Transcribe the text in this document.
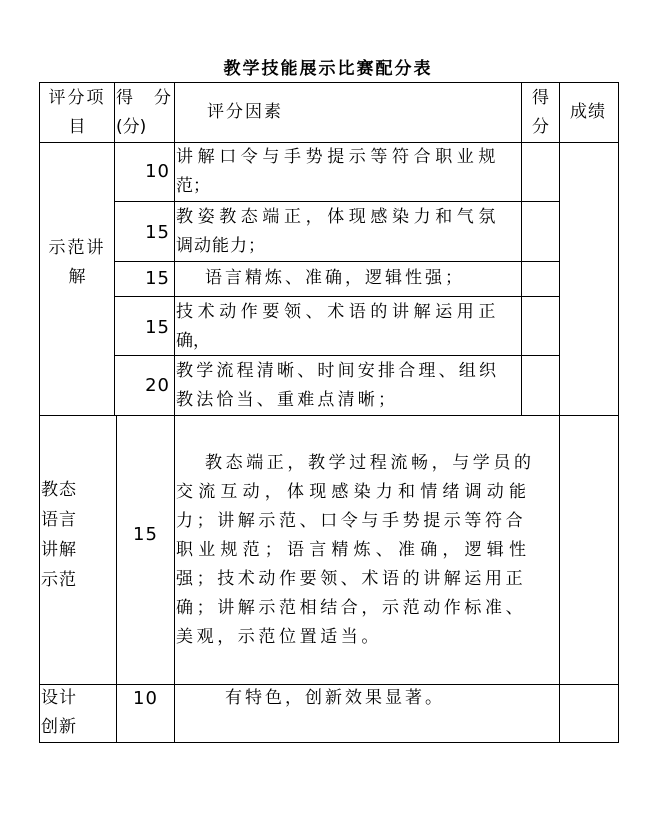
教学技能展示比赛配分表
评分项
目
得 分
(分)
评分因素
得
分
成绩
示范讲
解
10
讲解口令与手势提示等符合职业规
范；
15
教姿教态端正，体现感染力和气氛
调动能力；
15 语言精炼、准确，逻辑性强；
15
技术动作要领、术语的讲解运用正
确，
20
教学流程清晰、时间安排合理、组织
教法恰当、重难点清晰；
教态
语言
讲解
示范
15
教态端正，教学过程流畅，与学员的
交流互动，体现感染力和情绪调动能
力；讲解示范、口令与手势提示等符合
职业规范；语言精炼、准确，逻辑性
强；技术动作要领、术语的讲解运用正
确；讲解示范相结合，示范动作标准、
美观，示范位置适当。
设计
创新
10	有特色，创新效果显著。
